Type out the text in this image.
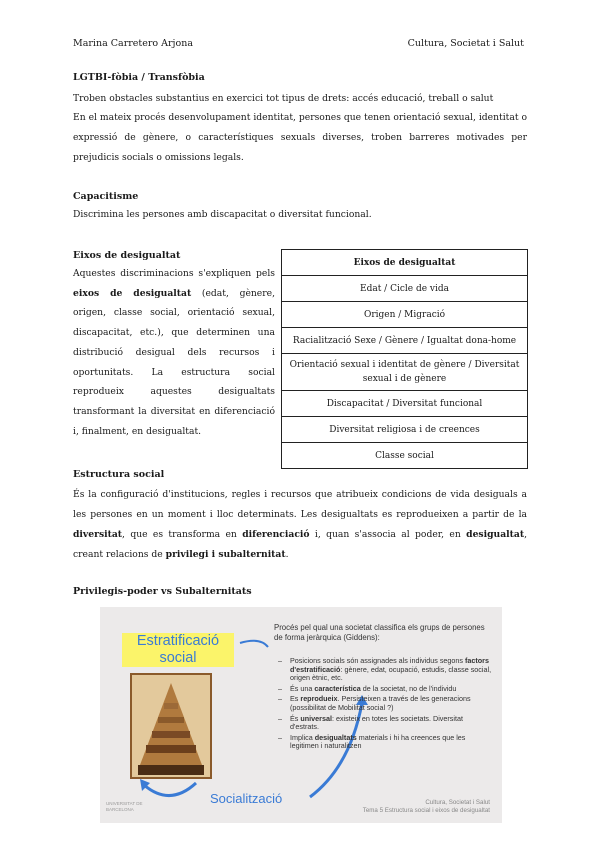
Marina Carretero Arjona	Cultura, Societat i Salut
LGTBI-fòbia / Transfòbia
Troben obstacles substantius en exercici tot tipus de drets: accés educació, treball o salut
En el mateix procés desenvolupament identitat, persones que tenen orientació sexual, identitat o expressió de gènere, o característiques sexuals diverses, troben barreres motivades per prejudicis socials o omissions legals.
Capacitisme
Discrimina les persones amb discapacitat o diversitat funcional.
Eixos de desigualtat
Aquestes discriminacions s'expliquen pels eixos de desigualtat (edat, gènere, origen, classe social, orientació sexual, discapacitat, etc.), que determinen una distribució desigual dels recursos i oportunitats. La estructura social reprodueix aquestes desigualtats transformant la diversitat en diferenciació i, finalment, en desigualtat.
Eixos de desigualtat
Edat / Cicle de vida
Origen / Migració
Racialització Sexe / Gènere / Igualtat dona-home
Orientació sexual i identitat de gènere / Diversitat sexual i de gènere
Discapacitat / Diversitat funcional
Diversitat religiosa i de creences
Classe social
Estructura social
És la configuració d'institucions, regles i recursos que atribueix condicions de vida desiguals a les persones en un moment i lloc determinats. Les desigualtats es reprodueixen a partir de la diversitat, que es transforma en diferenciació i, quan s'associa al poder, en desigualtat, creant relacions de privilegi i subalternitat.
Privilegis-poder vs Subalternitats
Estratificació
social
Procés pel qual una societat classifica els grups de persones de forma jeràrquica (Giddens):
– Posicions socials són assignades als individus segons factors d'estratificació: gènere, edat, ocupació, estudis, classe social, origen ètnic, etc.
– És una característica de la societat, no de l'individu
– Es reprodueix. Persisteixen a través de les generacions (possibilitat de Mobilitat social ?)
– És universal: existeix en totes les societats. Diversitat d'estrats.
– Implica desigualtats materials i hi ha creences que les legitimen i naturalitzen
Socialització	Cultura, Societat i Salut
Tema 5 Estructura social i eixos de desigualtat
UNIVERSITAT DE
BARCELONA
